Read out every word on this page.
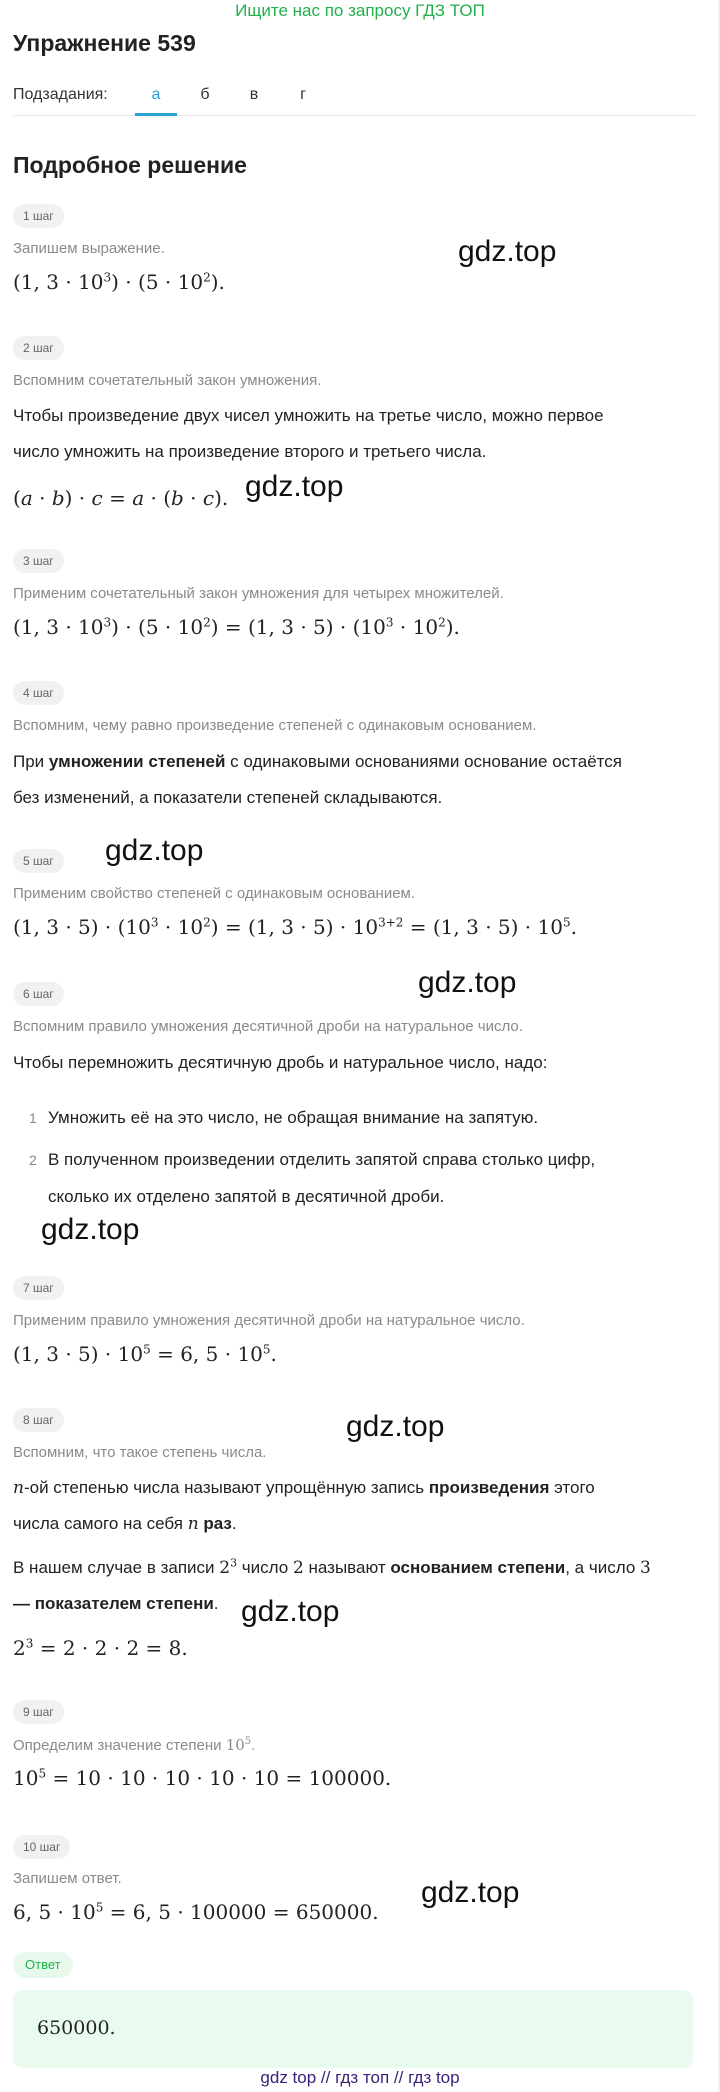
Ищите нас по запросу ГДЗ ТОП
Упражнение 539
Подзадания:	а	б	в	г
Подробное решение
1 шаг
Запишем выражение.
(1, $3 \cdot 10^3) \cdot (5 \cdot 10^2)$.
2 шаг
Вспомним сочетательный закон умножения.
Чтобы произведение двух чисел умножить на третье число, можно первое
число умножить на произведение второго и третьего числа.
(a · b) · c = a · (b · c).
3 шаг
Применим сочетательный закон умножения для четырех множителей.
(1, $3 \cdot 10^3) \cdot (5 \cdot 10^2) = (1$, $3 \cdot 5) \cdot (10^3 \cdot 10^2)$.
4 шаг
Вспомним, чему равно произведение степеней с одинаковым основанием.
При умножении степеней с одинаковыми основаниями основание остаётся
без изменений, а показатели степеней складываются.
5 шаг
Применим свойство степеней с одинаковым основанием.
(1, $3 \cdot 5) \cdot (10^3 \cdot 10^2) = (1$, $3 \cdot 5) \cdot 10^{3+2} = (1$, $3 \cdot 5) \cdot 10^5$.
6 шаг
Вспомним правило умножения десятичной дроби на натуральное число.
Чтобы перемножить десятичную дробь и натуральное число, надо:
1 Умножить её на это число, не обращая внимание на запятую.
2 В полученном произведении отделить запятой справа столько цифр,
сколько их отделено запятой в десятичной дроби.
7 шаг
Применим правило умножения десятичной дроби на натуральное число.
(1, $3 \cdot 5) \cdot 10^5 = 6$, $5 \cdot 10^5$.
8 шаг
Вспомним, что такое степень числа.
n-ой степенью числа называют упрощённую запись произведения этого
числа самого на себя n раз.
В нашем случае в записи $2^3$ число 2 называют основанием степени, а число 3
— показателем степени.
$2^3 = 2 \cdot 2 \cdot 2 = 8$.
9 шаг
Определим значение степени $10^5$.
$10^5 = 10 \cdot 10 \cdot 10 \cdot 10 \cdot 10 = 100000$.
10 шаг
Запишем ответ.
6, $5 \cdot 10^5 = 6$, 5 · 100000 = 650000.
Ответ
650000.
gdz.top
gdz.top
gdz.top
gdz.top
gdz.top
gdz.top
gdz.top
gdz.top
gdz top // гдз топ // гдз top
